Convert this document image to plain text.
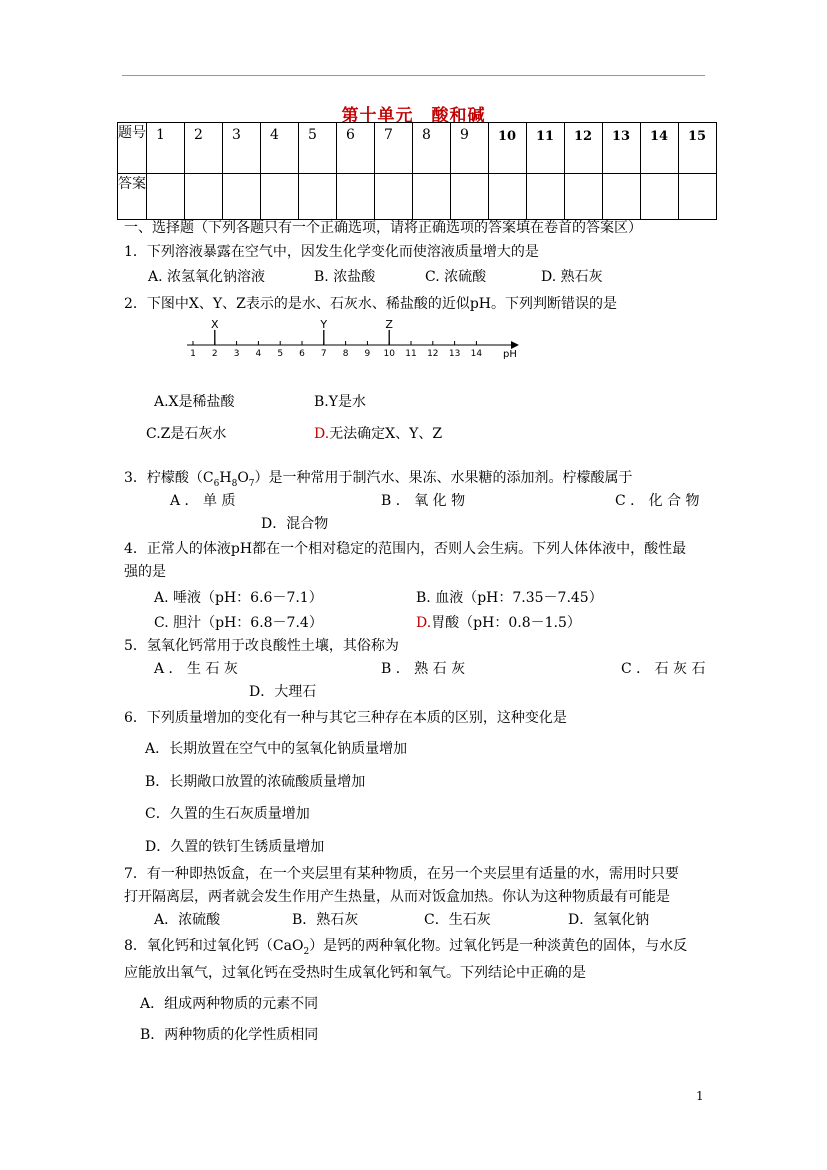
第十单元　酸和碱
题号	1	2	3	4	5	6	7	8	9	10	11	12	13	14	15
答案															
一、选择题（下列各题只有一个正确选项，请将正确选项的答案填在卷首的答案区）
1．下列溶液暴露在空气中，因发生化学变化而使溶液质量增大的是
A. 浓氢氧化钠溶液	B. 浓盐酸	C. 浓硫酸	D. 熟石灰
2．下图中X、Y、Z表示的是水、石灰水、稀盐酸的近似pH。下列判断错误的是
1 2 3 4 5 6 7 8 9 10 11 12 13 14
X	Y	Z
pH
A.X是稀盐酸	B.Y是水
C.Z是石灰水	D.无法确定X、Y、Z
3．柠檬酸$(C_6H_8O_7)$是一种常用于制汽水、果冻、水果糖的添加剂。柠檬酸属于
A ． 单 质	B ． 氧 化 物	C ． 化 合 物
D．混合物
4．正常人的体液pH都在一个相对稳定的范围内，否则人会生病。下列人体体液中，酸性最
强的是
A. 唾液（pH：6.6－7.1）	B. 血液（pH：7.35－7.45）
C. 胆汁（pH：6.8－7.4）	D.胃酸（pH：0.8－1.5）
5．氢氧化钙常用于改良酸性土壤，其俗称为
A ． 生 石 灰	B ． 熟 石 灰	C ． 石 灰 石
D．大理石
6．下列质量增加的变化有一种与其它三种存在本质的区别，这种变化是
A．长期放置在空气中的氢氧化钠质量增加
B．长期敞口放置的浓硫酸质量增加
C．久置的生石灰质量增加
D．久置的铁钉生锈质量增加
7．有一种即热饭盒，在一个夹层里有某种物质，在另一个夹层里有适量的水，需用时只要
打开隔离层，两者就会发生作用产生热量，从而对饭盒加热。你认为这种物质最有可能是
A．浓硫酸	B．熟石灰	C．生石灰	D．氢氧化钠
8．氧化钙和过氧化钙（CaO$_2$）是钙的两种氧化物。过氧化钙是一种淡黄色的固体，与水反
应能放出氧气，过氧化钙在受热时生成氧化钙和氧气。下列结论中正确的是
A．组成两种物质的元素不同
B．两种物质的化学性质相同
1
